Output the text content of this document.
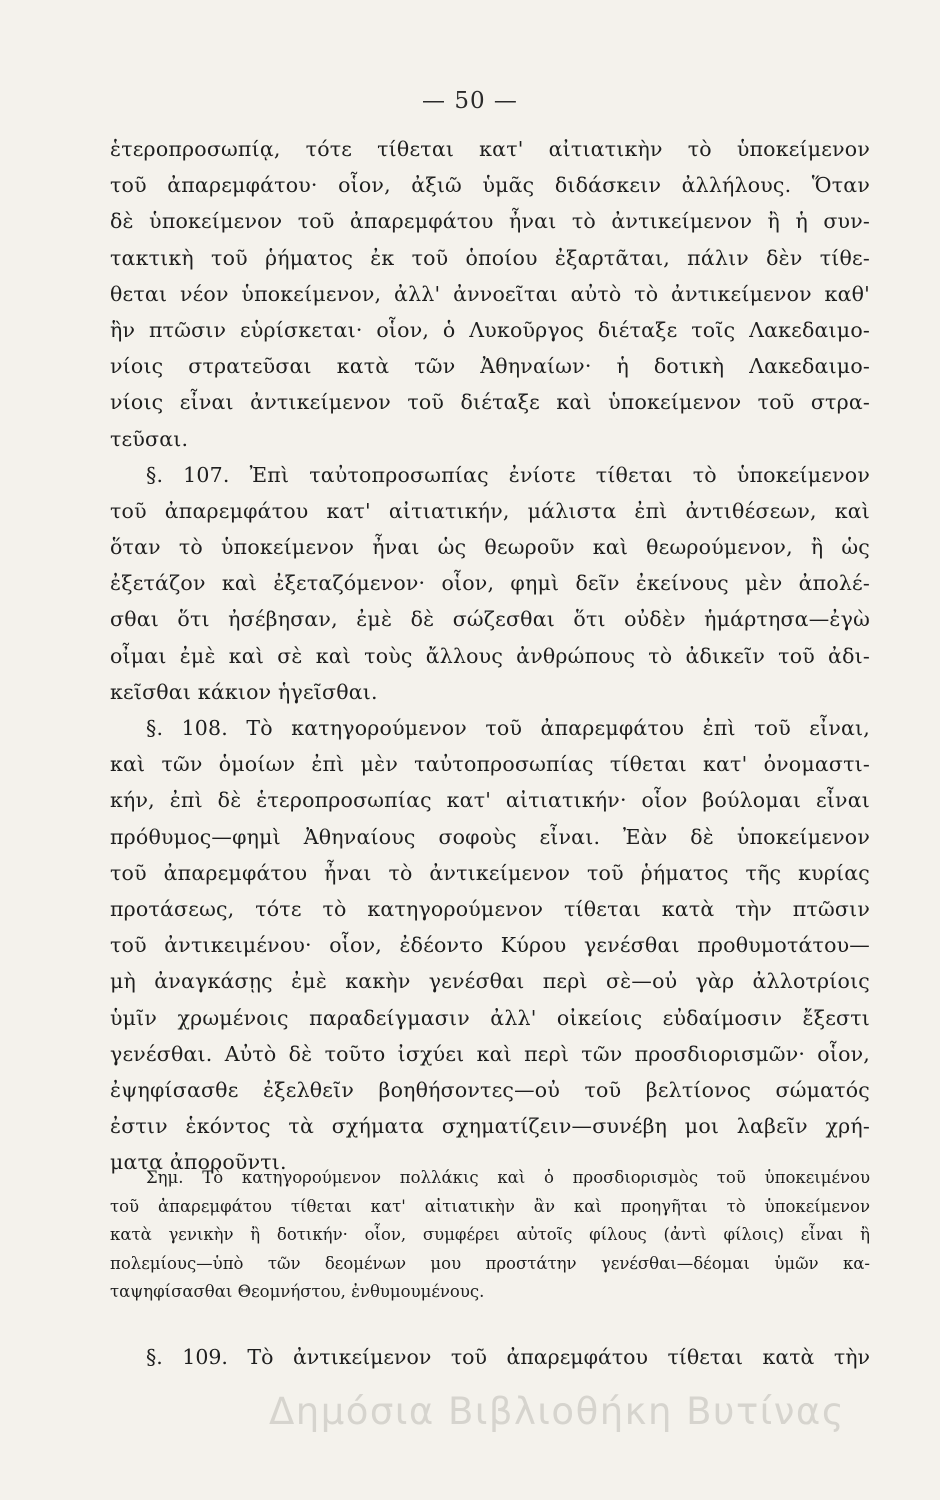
— 50 —
ἑτεροπροσωπίᾳ, τότε τίθεται κατ' αἰτιατικὴν τὸ ὑποκείμενον
τοῦ ἀπαρεμφάτου· οἷον, ἀξιῶ ὑμᾶς διδάσκειν ἀλλήλους. Ὅταν
δὲ ὑποκείμενον τοῦ ἀπαρεμφάτου ἦναι τὸ ἀντικείμενον ἢ ἡ συν-
τακτικὴ τοῦ ῥήματος ἐκ τοῦ ὁποίου ἐξαρτᾶται, πάλιν δὲν τίθε-
θεται νέον ὑποκείμενον, ἀλλ' ἀννοεῖται αὐτὸ τὸ ἀντικείμενον καθ'
ἣν πτῶσιν εὑρίσκεται· οἷον, ὁ Λυκοῦργος διέταξε τοῖς Λακεδαιμο-
νίοις στρατεῦσαι κατὰ τῶν Ἀθηναίων· ἡ δοτικὴ Λακεδαιμο-
νίοις εἶναι ἀντικείμενον τοῦ διέταξε καὶ ὑποκείμενον τοῦ στρα-
τεῦσαι.
§. 107. Ἐπὶ ταὐτοπροσωπίας ἐνίοτε τίθεται τὸ ὑποκείμενον
τοῦ ἀπαρεμφάτου κατ' αἰτιατικήν, μάλιστα ἐπὶ ἀντιθέσεων, καὶ
ὅταν τὸ ὑποκείμενον ἦναι ὡς θεωροῦν καὶ θεωρούμενον, ἢ ὡς
ἐξετάζον καὶ ἐξεταζόμενον· οἷον, φημὶ δεῖν ἐκείνους μὲν ἀπολέ-
σθαι ὅτι ἠσέβησαν, ἐμὲ δὲ σώζεσθαι ὅτι οὐδὲν ἡμάρτησα—ἐγὼ
οἶμαι ἐμὲ καὶ σὲ καὶ τοὺς ἄλλους ἀνθρώπους τὸ ἀδικεῖν τοῦ ἀδι-
κεῖσθαι κάκιον ἡγεῖσθαι.
§. 108. Τὸ κατηγορούμενον τοῦ ἀπαρεμφάτου ἐπὶ τοῦ εἶναι,
καὶ τῶν ὁμοίων ἐπὶ μὲν ταὐτοπροσωπίας τίθεται κατ' ὀνομαστι-
κήν, ἐπὶ δὲ ἑτεροπροσωπίας κατ' αἰτιατικήν· οἷον βούλομαι εἶναι
πρόθυμος—φημὶ Ἀθηναίους σοφοὺς εἶναι. Ἐὰν δὲ ὑποκείμενον
τοῦ ἀπαρεμφάτου ἦναι τὸ ἀντικείμενον τοῦ ῥήματος τῆς κυρίας
προτάσεως, τότε τὸ κατηγορούμενον τίθεται κατὰ τὴν πτῶσιν
τοῦ ἀντικειμένου· οἷον, ἐδέοντο Κύρου γενέσθαι προθυμοτάτου—
μὴ ἀναγκάσῃς ἐμὲ κακὴν γενέσθαι περὶ σὲ—οὐ γὰρ ἀλλοτρίοις
ὑμῖν χρωμένοις παραδείγμασιν ἀλλ' οἰκείοις εὐδαίμοσιν ἔξεστι
γενέσθαι. Αὐτὸ δὲ τοῦτο ἰσχύει καὶ περὶ τῶν προσδιορισμῶν· οἷον,
ἐψηφίσασθε ἐξελθεῖν βοηθήσοντες—οὐ τοῦ βελτίονος σώματός
ἐστιν ἑκόντος τὰ σχήματα σχηματίζειν—συνέβη μοι λαβεῖν χρή-
ματα ἀποροῦντι.
Σημ. Τὸ κατηγορούμενον πολλάκις καὶ ὁ προσδιορισμὸς τοῦ ὑποκειμένου
τοῦ ἀπαρεμφάτου τίθεται κατ' αἰτιατικὴν ἂν καὶ προηγῆται τὸ ὑποκείμενον
κατὰ γενικὴν ἢ δοτικήν· οἷον, συμφέρει αὐτοῖς φίλους (ἀντὶ φίλοις) εἶναι ἢ
πολεμίους—ὑπὸ τῶν δεομένων μου προστάτην γενέσθαι—δέομαι ὑμῶν κα-
ταψηφίσασθαι Θεομνήστου, ἐνθυμουμένους.
§. 109. Τὸ ἀντικείμενον τοῦ ἀπαρεμφάτου τίθεται κατὰ τὴν
Δημόσια Βιβλιοθήκη Βυτίνας
